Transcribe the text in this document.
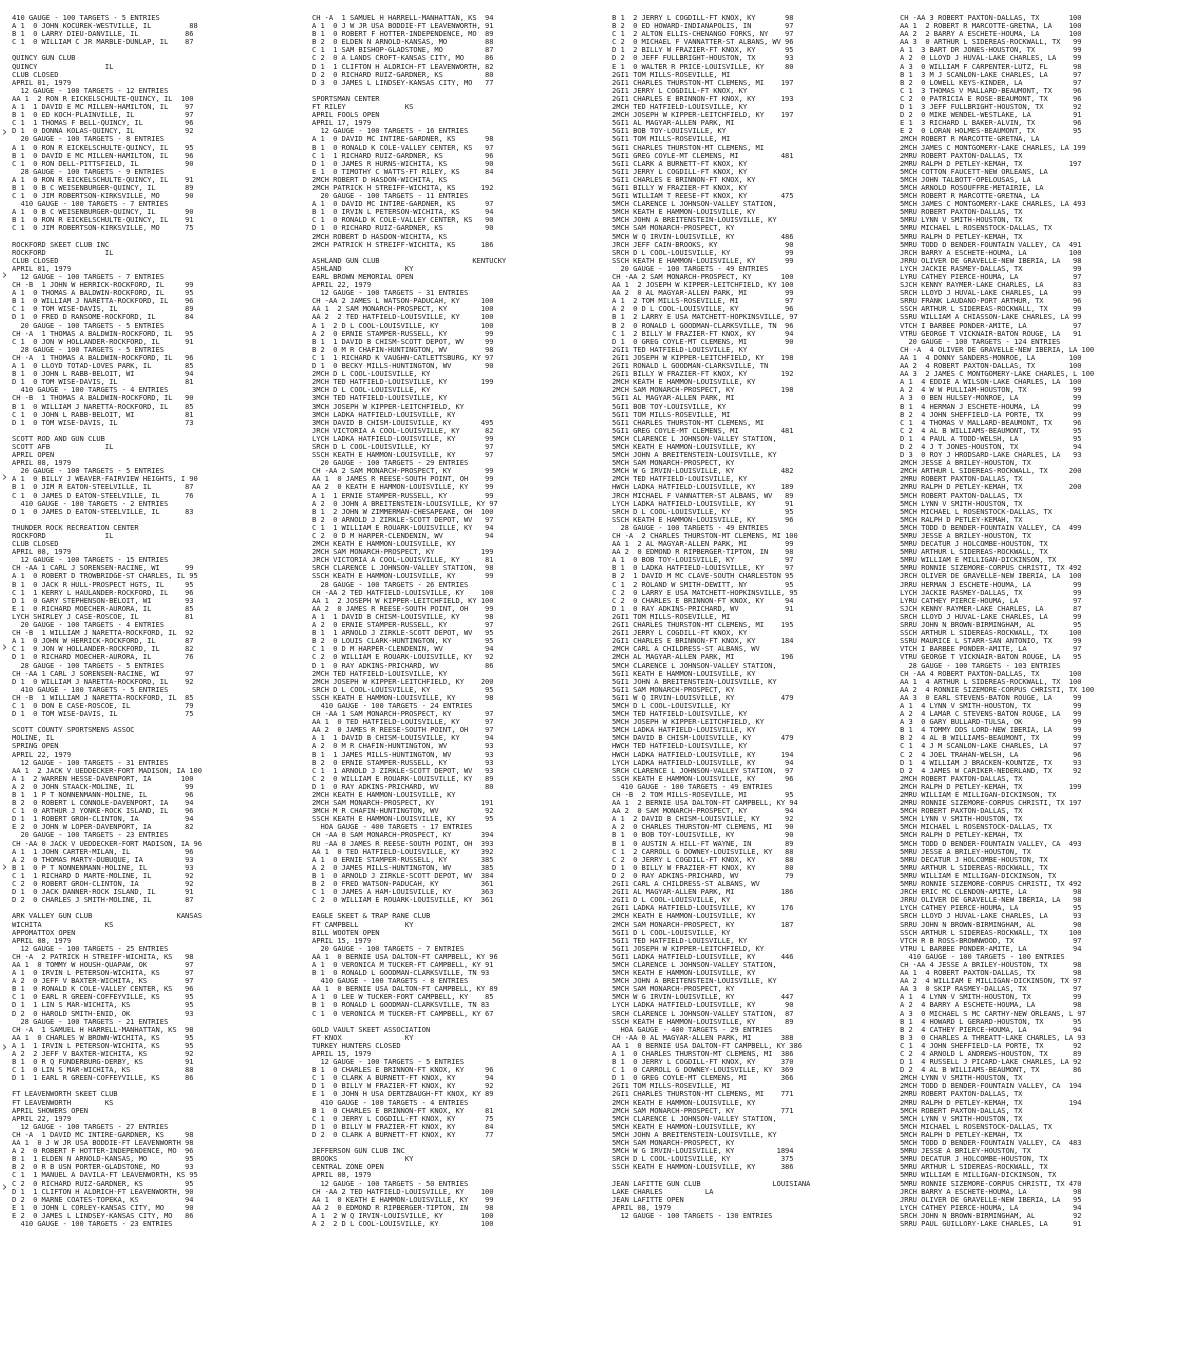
410 GAUGE - 100 TARGETS - 5 ENTRIES
A 1  0 JOHN KOCUREK-WESTVILLE, IL         88
B 1  0 LARRY DIEU-DANVILLE, IL           86
C 1  0 WILLIAM C JR MARBLE-DUNLAP, IL    87

QUINCY GUN CLUB
QUINCY                IL
CLUB CLOSED
APRIL 01, 1979
12 GAUGE - 100 TARGETS - 12 ENTRIES
AA 1  2 RON R EICKELSCHULTE-QUINCY, IL  100
A 1  1 DAVID E MC MILLEN-HAMILTON, IL    97
B 1  0 ED KOCH-PLAINVILLE, IL            97
C 1  1 THOMAS F BELL-QUINCY, IL          96
D 1  0 DONNA KOLAS-QUINCY, IL            92
20 GAUGE - 100 TARGETS - 8 ENTRIES
A 1  0 RON R EICKELSCHULTE-QUINCY, IL    95
B 1  0 DAVID E MC MILLEN-HAMILTON, IL    96
C 1  0 RON DELL-PITTSFIELD, IL           90
28 GAUGE - 100 TARGETS - 9 ENTRIES
A 1  0 RON R EICKELSCHULTE-QUINCY, IL    91
B 1  0 B C WEISENBURGER-QUINCY, IL       89
C 1  0 JIM ROBERTSON-KIRKSVILLE, MO      90
410 GAUGE - 100 TARGETS - 7 ENTRIES
A 1  0 B C WEISENBURGER-QUINCY, IL       90
B 1  0 RON R EICKELSCHULTE-QUINCY, IL    91
C 1  0 JIM ROBERTSON-KIRKSVILLE, MO      75

ROCKFORD SKEET CLUB INC
ROCKFORD              IL
CLUB CLOSED
APRIL 01, 1979
12 GAUGE - 100 TARGETS - 7 ENTRIES
CH -B  1 JOHN W HERRICK-ROCKFORD, IL     99
A 1  0 THOMAS A BALDWIN-ROCKFORD, IL     95
B 1  0 WILLIAM J NARETTA-ROCKFORD, IL    96
C 1  0 TOM WISE-DAVIS, IL                89
D 1  0 FRED D RANSOME-ROCKFORD, IL       84
20 GAUGE - 100 TARGETS - 5 ENTRIES
CH -A  1 THOMAS A BALDWIN-ROCKFORD, IL   95
C 1  0 JON W HOLLANDER-ROCKFORD, IL      91
28 GAUGE - 100 TARGETS - 5 ENTRIES
CH -A  1 THOMAS A BALDWIN-ROCKFORD, IL   96
A 1  0 LLOYD TOTAD-LOVES PARK, IL        85
B 1  0 JOHN L RABB-BELOIT, WI            94
D 1  0 TOM WISE-DAVIS, IL                81
410 GAUGE - 100 TARGETS - 4 ENTRIES
CH -B  1 THOMAS A BALDWIN-ROCKFORD, IL   90
B 1  0 WILLIAM J NARETTA-ROCKFORD, IL    85
C 1  0 JOHN L RABB-BELOIT, WI            81
D 1  0 TOM WISE-DAVIS, IL                73

SCOTT ROD AND GUN CLUB
SCOTT AFB             IL
APRIL OPEN
APRIL 08, 1979
20 GAUGE - 100 TARGETS - 5 ENTRIES
A 1  0 BILLY J WEAVER-FAIRVIEW HEIGHTS, I 90
B 1  0 JIM R EATON-STEELVILLE, IL        87
C 1  0 JAMES D EATON-STEELVILLE, IL      76
410 GAUGE - 100 TARGETS - 2 ENTRIES
D 1  0 JAMES D EATON-STEELVILLE, IL      83

THUNDER ROCK RECREATION CENTER
ROCKFORD              IL
CLUB CLOSED
APRIL 08, 1979
12 GAUGE - 100 TARGETS - 15 ENTRIES
CH -AA 1 CARL J SORENSEN-RACINE, WI      99
A 1  0 ROBERT D TROWBRIDGE-ST CHARLES, IL 95
B 1  0 JACK R HULL-PROSPECT HGTS, IL     95
C 1  1 KERRY L HAULANDER-ROCKFORD, IL    96
D 1  0 GARY STEPHENSON-BELOIT, WI        93
E 1  0 RICHARD MOECHER-AURORA, IL        85
LYCH SHIRLEY J CASE-ROSCOE, IL           81
20 GAUGE - 100 TARGETS - 4 ENTRIES
CH -B  1 WILLIAM J NARETTA-ROCKFORD, IL  92
A 1  0 JOHN W HERRICK-ROCKFORD, IL       87
C 1  0 JON W HOLLANDER-ROCKFORD, IL      82
D 1  0 RICHARD MOECHER-AURORA, IL        76
28 GAUGE - 100 TARGETS - 5 ENTRIES
CH -AA 1 CARL J SORENSEN-RACINE, WI      97
D 1  0 WILLIAM J NARETTA-ROCKFORD, IL    92
410 GAUGE - 100 TARGETS - 5 ENTRIES
CH -B  1 WILLIAM J NARETTA-ROCKFORD, IL  85
C 1  0 DON E CASE-ROSCOE, IL             79
D 1  0 TOM WISE-DAVIS, IL                75

SCOTT COUNTY SPORTSMENS ASSOC
MOLINE, IL
SPRING OPEN
APRIL 22, 1979
12 GAUGE - 100 TARGETS - 31 ENTRIES
AA 1  2 JACK V UEDDECKER-FORT MADISON, IA 100
A 1  2 WARREN HESSE-DAVENPORT, IA       100
A 2  0 JOHN STAACK-MOLINE, IL            99
B 1  1 P T NONNENMANN-MOLINE, IL         96
B 2  0 ROBERT L CONNOLE-DAVENPORT, IA    94
C 1  0 ARTHUR J YONKE-ROCK ISLAND, IL    96
D 1  1 ROBERT GROH-CLINTON, IA           94
E 2  0 JOHN W LOPER-DAVENPORT, IA        82
20 GAUGE - 100 TARGETS - 23 ENTRIES
CH -AA 0 JACK V UEDDECKER-FORT MADISON, IA 96
A 1  1 JOHN CARTER-MILAN, IL             96
A 2  0 THOMAS MARTY-DUBUQUE, IA          93
B 1  0 P T NONNENMANN-MOLINE, IL         93
C 1  1 RICHARD D MARTE-MOLINE, IL        92
C 2  0 ROBERT GROH-CLINTON, IA           92
D 1  0 JACK DANNER-ROCK ISLAND, IL       91
D 2  0 CHARLES J SMITH-MOLINE, IL        87

ARK VALLEY GUN CLUB                    KANSAS
WICHITA               KS
APPOMATTOX OPEN
APRIL 08, 1979
12 GAUGE - 100 TARGETS - 25 ENTRIES
CH -A  2 PATRICK H STREIFF-WICHITA, KS   98
AA 1  0 TOMMY W HOUSH-QUAPAW, OK         97
A 1  0 IRVIN L PETERSON-WICHITA, KS      97
A 2  0 JEFF V BAXTER-WICHITA, KS         97
B 1  0 RONALD K COLE-VALLEY CENTER, KS   96
C 1  0 EARL R GREEN-COFFEYVILLE, KS      95
D 1  1 LIN S MAR-WICHITA, KS             95
D 2  0 HAROLD SMITH-ENID, OK             93
28 GAUGE - 100 TARGETS - 21 ENTRIES
CH -A  1 SAMUEL H HARRELL-MANHATTAN, KS  98
AA 1  0 CHARLES W BROWN-WICHITA, KS      95
A 1  1 IRVIN L PETERSON-WICHITA, KS      95
A 2  2 JEFF V BAXTER-WICHITA, KS         92
B 1  0 R Q FUNDERBURG-DERBY, KS          91
C 1  0 LIN S MAR-WICHITA, KS             88
D 1  1 EARL R GREEN-COFFEYVILLE, KS      86

FT LEAVENWORTH SKEET CLUB
FT LEAVENWORTH        KS
APRIL SHOWERS OPEN
APRIL 22, 1979
12 GAUGE - 100 TARGETS - 27 ENTRIES
CH -A  1 DAVID MC INTIRE-GARDNER, KS     98
AA 1  0 J W JR USA BODDIE-FT LEAVENWORTH 98
A 2  0 ROBERT F HOTTER-INDEPENDENCE, MO  96
B 1  1 ELDEN N ARNOLD-KANSAS, MO         95
B 2  0 R B USN PORTER-GLADSTONE, MO      93
C 1  1 MANUEL A DAVILA-FT LEAVENWORTH, KS 95
C 2  0 RICHARD RUIZ-GARDNER, KS          95
D 1  1 CLIFTON H ALDRICH-FT LEAVENWORTH, 90
D 2  0 MARNE COATES-TOPEKA, KS           94
E 1  0 JOHN L CORLEY-KANSAS CITY, MO     90
E 2  0 JAMES L LINDSEY-KANSAS CITY, MO   86
410 GAUGE - 100 TARGETS - 23 ENTRIES
CH -A  1 SAMUEL H HARRELL-MANHATTAN, KS  94
A 1  0 J W JR USA BODDIE-FT LEAVENWORTH, 91
B 1  0 ROBERT F HOTTER-INDEPENDENCE, MO  89
B 2  0 ELDEN N ARNOLD-KANSAS, MO         88
C 1  1 SAM BISHOP-GLADSTONE, MO          87
C 2  0 A LANDS CROFT-KANSAS CITY, MO     86
D 1  1 CLIFTON H ALDRICH-FT LEAVENWORTH, 82
D 2  0 RICHARD RUIZ-GARDNER, KS          80
D 3  0 JAMES L LINDSEY-KANSAS CITY, MO   77

SPORTSMAN CENTER
FT RILEY              KS
APRIL FOOLS OPEN
APRIL 17, 1979
12 GAUGE - 100 TARGETS - 16 ENTRIES
A 1  0 DAVID MC INTIRE-GARDNER, KS       98
B 1  0 RONALD K COLE-VALLEY CENTER, KS   97
C 1  1 RICHARD RUIZ-GARDNER, KS          96
D 1  0 JAMES R HURNS-WICHITA, KS         90
E 1  0 TIMOTHY C WATTS-FT RILEY, KS      84
2MCH ROBERT D HASDON-WICHITA, KS
2MCH PATRICK H STREIFF-WICHITA, KS      192
20 GAUGE - 100 TARGETS - 11 ENTRIES
A 1  0 DAVID MC INTIRE-GARDNER, KS       97
B 1  0 IRVIN L PETERSON-WICHITA, KS      94
C 1  0 RONALD K COLE-VALLEY CENTER, KS   90
D 1  0 RICHARD RUIZ-GARDNER, KS          90
2MCH ROBERT D HASDON-WICHITA, KS
2MCH PATRICK H STREIFF-WICHITA, KS      186

ASHLAND GUN CLUB                      KENTUCKY
ASHLAND               KY
EARL BROWN MEMORIAL OPEN
APRIL 22, 1979
12 GAUGE - 100 TARGETS - 31 ENTRIES
CH -AA 2 JAMES L WATSON-PADUCAH, KY     100
AA 1  2 SAM MONARCH-PROSPECT, KY        100
AA 2  2 TED HATFIELD-LOUISVILLE, KY     100
A 1  2 D L COOL-LOUISVILLE, KY          100
A 2  0 ERNIE STAMPER-RUSSELL, KY         99
B 1  1 DAVID B CHISM-SCOTT DEPOT, WV     99
B 2  0 M R CHAFIN-HUNTINGTON, WV         98
C 1  1 RICHARD K VAUGHN-CATLETTSBURG, KY 97
D 1  0 BECKY MILLS-HUNTINGTON, WV        90
2MCH D L COOL-LOUISVILLE, KY
2MCH TED HATFIELD-LOUISVILLE, KY        199
3MCH D L COOL-LOUISVILLE, KY
3MCH TED HATFIELD-LOUISVILLE, KY
3MCH JOSEPH W KIPPER-LEITCHFIELD, KY
3MCH LADKA HATFIELD-LOUISVILLE, KY
3MCH DAVID B CHISM-LOUISVILLE, KY       495
JRCH VICTORIA A COOL-LOUISVILLE, KY      82
LYCH LADKA HATFIELD-LOUISVILLE, KY       99
SRCH D L COOL-LOUISVILLE, KY             97
SSCH KEATH E HAMMON-LOUISVILLE, KY       97
20 GAUGE - 100 TARGETS - 29 ENTRIES
CH -AA 2 SAM MONARCH-PROSPECT, KY        99
AA 1  0 JAMES R REESE-SOUTH POINT, OH    99
AA 2  0 KEATH E HAMMON-LOUISVILLE, KY    99
A 1  1 ERNIE STAMPER-RUSSELL, KY         99
A 2  0 JOHN A BREITENSTEIN-LOUISVILLE, KY 97
B 1  2 JOHN W ZIMMERMAN-CHESAPEAKE, OH  100
B 2  0 ARNOLD J ZIRKLE-SCOTT DEPOT, WV   97
C 1  1 WILLIAM E ROUARK-LOUISVILLE, KY   94
C 2  0 D M HARPER-CLENDENIN, WV          94
2MCH KEATH E HAMMON-LOUISVILLE, KY
2MCH SAM MONARCH-PROSPECT, KY           199
JRCH VICTORIA A COOL-LOUISVILLE, KY      81
SRCH CLARENCE L JOHNSON-VALLEY STATION,  98
SSCH KEATH E HAMMON-LOUISVILLE, KY       99
28 GAUGE - 100 TARGETS - 26 ENTRIES
CH -AA 2 TED HATFIELD-LOUISVILLE, KY    100
AA 1  2 JOSEPH W KIPPER-LEITCHFIELD, KY 100
AA 2  0 JAMES R REESE-SOUTH POINT, OH    99
A 1  1 DAVID B CHISM-LOUISVILLE, KY      98
A 2  0 ERNIE STAMPER-RUSSELL, KY         97
B 1  1 ARNOLD J ZIRKLE-SCOTT DEPOT, WV   95
B 2  0 LOUIS CLARK-HUNTINGTON, KY        95
C 1  0 D M HARPER-CLENDENIN, WV          94
C 2  0 WILLIAM E ROUARK-LOUISVILLE, KY   92
D 1  0 RAY ADKINS-PRICHARD, WV           86
2MCH TED HATFIELD-LOUISVILLE, KY
2MCH JOSEPH W KIPPER-LEITCHFIELD, KY    200
SRCH D L COOL-LOUISVILLE, KY             95
SSCH KEATH E HAMMON-LOUISVILLE, KY       98
410 GAUGE - 100 TARGETS - 24 ENTRIES
CH -AA 1 SAM MONARCH-PROSPECT, KY        97
AA 1  0 TED HATFIELD-LOUISVILLE, KY      97
AA 2  0 JAMES R REESE-SOUTH POINT, OH    97
A 1  1 DAVID B CHISM-LOUISVILLE, KY      94
A 2  0 M R CHAFIN-HUNTINGTON, WV         93
B 1  1 JAMES MILLS-HUNTINGTON, WV        93
B 2  0 ERNIE STAMPER-RUSSELL, KY         93
C 1  1 ARNOLD J ZIRKLE-SCOTT DEPOT, WV   93
C 2  0 WILLIAM E ROUARK-LOUISVILLE, KY   89
D 1  0 RAY ADKINS-PRICHARD, WV           80
2MCH KEATH E HAMMON-LOUISVILLE, KY
2MCH SAM MONARCH-PROSPECT, KY           191
3MCH M R CHAFIN-HUNTINGTON, WV           92
SSCH KEATH E HAMMON-LOUISVILLE, KY       95
HOA GAUGE - 400 TARGETS - 17 ENTRIES
CH -AA 0 SAM MONARCH-PROSPECT, KY       394
RU -AA 0 JAMES R REESE-SOUTH POINT, OH  393
AA 1  0 TED HATFIELD-LOUISVILLE, KY     392
A 1  0 ERNIE STAMPER-RUSSELL, KY        385
A 2  0 JAMES MILLS-HUNTINGTON, WV       385
B 1  0 ARNOLD J ZIRKLE-SCOTT DEPOT, WV  384
B 2  0 FRED WATSON-PADUCAH, KY          361
C 1  0 JAMES A HAM-LOUISVILLE, KY       363
C 2  0 WILLIAM E ROUARK-LOUISVILLE, KY  361

EAGLE SKEET & TRAP RANE CLUB
FT CAMPBELL           KY
BILL WOOTEN OPEN
APRIL 15, 1979
20 GAUGE - 100 TARGETS - 7 ENTRIES
AA 1  0 BERNIE USA DALTON-FT CAMPBELL, KY 96
A 1  0 VERONICA M TUCKER-FT CAMPBELL, KY 91
B 1  0 RONALD L GOODMAN-CLARKSVILLE, TN 93
410 GAUGE - 100 TARGETS - 8 ENTRIES
AA 1  0 BERNIE USA DALTON-FT CAMPBELL, KY 89
A 1  0 LEE W TUCKER-FORT CAMPBELL, KY    85
B 1  0 RONALD L GOODMAN-CLARKSVILLE, TN 83
C 1  0 VERONICA M TUCKER-FT CAMPBELL, KY 67

GOLD VAULT SKEET ASSOCIATION
FT KNOX               KY
TURKEY HUNTERS CLOSED
APRIL 15, 1979
12 GAUGE - 100 TARGETS - 5 ENTRIES
B 1  0 CHARLES E BRINNON-FT KNOX, KY     96
C 1  0 CLARK A BURNETT-FT KNOX, KY       94
D 1  0 BILLY W FRAZIER-FT KNOX, KY       92
E 1  0 JOHN H USA DERTZBAUGH-FT KNOX, KY 89
410 GAUGE - 100 TARGETS - 4 ENTRIES
B 1  0 CHARLES E BRINNON-FT KNOX, KY     81
C 1  0 JERRY L COGDILL-FT KNOX, KY       75
D 1  0 BILLY W FRAZIER-FT KNOX, KY       84
D 2  0 CLARK A BURNETT-FT KNOX, KY       77

JEFFERSON GUN CLUB INC
BROOKS                KY
CENTRAL ZONE OPEN
APRIL 08, 1979
12 GAUGE - 100 TARGETS - 50 ENTRIES
CH -AA 2 TED HATFIELD-LOUISVILLE, KY    100
AA 1  0 KEATH E HAMMON-LOUISVILLE, KY    99
AA 2  0 EDMOND R RIPBERGER-TIPTON, IN    98
A 1  2 W Q IRVIN-LOUISVILLE, KY         100
A 2  2 D L COOL-LOUISVILLE, KY          100
B 1  2 JERRY L COGDILL-FT KNOX, KY       98
B 2  0 ED HOWARD-INDIANAPOLIS, IN        97
C 1  2 ALTON ELLIS-CHENANGO FORKS, NY    97
C 2  0 MICHAEL F VANNATTER-ST ALBANS, WV 96
D 1  2 BILLY W FRAZIER-FT KNOX, KY       95
D 2  0 JEFF FULLBRIGHT-HOUSTON, TX       93
E 1  0 WALTER R PRICE-LOUISVILLE, KY     80
2GI1 TOM MILLS-ROSEVILLE, MI
2GI1 CHARLES THURSTON-MT CLEMENS, MI    197
2GI1 JERRY L COGDILL-FT KNOX, KY
2GI1 CHARLES E BRINNON-FT KNOX, KY      193
2MCH TED HATFIELD-LOUISVILLE, KY
2MCH JOSEPH W KIPPER-LEITCHFIELD, KY    197
5GI1 AL MAGYAR-ALLEN PARK, MI
5GI1 BOB TOY-LOUISVILLE, KY
5GI1 TOM MILLS-ROSEVILLE, MI
5GI1 CHARLES THURSTON-MT CLEMENS, MI
5GI1 GREG COYLE-MT CLEMENS, MI          481
5GI1 CLARK A BURNETT-FT KNOX, KY
5GI1 JERRY L COGDILL-FT KNOX, KY
5GI1 CHARLES E BRINNON-FT KNOX, KY
5GI1 BILLY W FRAZIER-FT KNOX, KY
5GI1 WILLIAM T REESE-FT KNOX, KY        475
5MCH CLARENCE L JOHNSON-VALLEY STATION,
5MCH KEATH E HAMMON-LOUISVILLE, KY
5MCH JOHN A BREITENSTEIN-LOUISVILLE, KY
5MCH SAM MONARCH-PROSPECT, KY
5MCH W Q IRVIN-LOUISVILLE, KY           486
JRCH JEFF CAIN-BROOKS, KY                90
SRCH D L COOL-LOUISVILLE, KY             99
SSCH KEATH E HAMMON-LOUISVILLE, KY       99
20 GAUGE - 100 TARGETS - 49 ENTRIES
CH -AA 2 SAM MONARCH-PROSPECT, KY       100
AA 1  2 JOSEPH W KIPPER-LEITCHFIELD, KY 100
AA 2  0 AL MAGYAR-ALLEN PARK, MI         99
A 1  2 TOM MILLS-ROSEVILLE, MI           97
A 2  0 D L COOL-LOUISVILLE, KY           96
B 1  2 LARRY E USA MATCHETT-HOPKINSVILLE, 97
B 2  0 RONALD L GOODMAN-CLARKSVILLE, TN  96
C 1  2 BILLY W FRAZIER-FT KNOX, KY       94
D 1  0 GREG COYLE-MT CLEMENS, MI         90
2GI1 TED HATFIELD-LOUISVILLE, KY
2GI1 JOSEPH W KIPPER-LEITCHFIELD, KY    198
2GI1 RONALD L GOODMAN-CLARKSVILLE, TN
2GI1 BILLY W FRAZIER-FT KNOX, KY        192
2MCH KEATH E HAMMON-LOUISVILLE, KY
2MCH SAM MONARCH-PROSPECT, KY           198
5GI1 AL MAGYAR-ALLEN PARK, MI
5GI1 BOB TOY-LOUISVILLE, KY
5GI1 TOM MILLS-ROSEVILLE, MI
5GI1 CHARLES THURSTON-MT CLEMENS, MI
5GI1 GREG COYLE-MT CLEMENS, MI          481
5MCH CLARENCE L JOHNSON-VALLEY STATION,
5MCH KEATH E HAMMON-LOUISVILLE, KY
5MCH JOHN A BREITENSTEIN-LOUISVILLE, KY
5MCH SAM MONARCH-PROSPECT, KY
5MCH W G IRVIN-LOUISVILLE, KY           482
2MCH TED HATFIELD-LOUISVILLE, KY
HWCH LADKA HATFIELD-LOUISVILLE, KY      189
JRCH MICHAEL F VANNATTER-ST ALBANS, WV   89
LYCH LADKA HATFIELD-LOUISVILLE, KY       91
SRCH D L COOL-LOUISVILLE, KY             95
SSCH KEATH E HAMMON-LOUISVILLE, KY       96
28 GAUGE - 100 TARGETS - 49 ENTRIES
CH -A  2 CHARLES THURSTON-MT CLEMENS, MI 100
AA 1  2 AL MAGYAR-ALLEN PARK, MI         99
AA 2  0 EDMOND R RIPBERGER-TIPTON, IN    98
A 1  0 BOB TOY-LOUISVILLE, KY            97
B 1  0 LADKA HATFIELD-LOUISVILLE, KY     97
B 2  1 DAVID M MC CLAVE-SOUTH CHARLESTON 95
C 1  2 ROLAND W SMITH-DEWITT, NY         95
C 2  0 LARRY E USA MATCHETT-HOPKINSVILLE, 95
C 2  0 CHARLES E BRINNON-FT KNOX, KY     94
D 1  0 RAY ADKINS-PRICHARD, WV           91
2GI1 TOM MILLS-ROSEVILLE, MI
2GI1 CHARLES THURSTON-MT CLEMENS, MI    195
2GI1 JERRY L COGDILL-FT KNOX, KY
2GI1 CHARLES E BRINNON-FT KNOX, KY      184
2MCH CARL A CHILDRESS-ST ALBANS, WV
2MCH AL MAGYAR-ALLEN PARK, MI           196
5MCH CLARENCE L JOHNSON-VALLEY STATION,
5GI1 KEATH E HAMMON-LOUISVILLE, KY
5GI1 JOHN A BREITENSTEIN-LOUISVILLE, KY
5GI1 SAM MONARCH-PROSPECT, KY
5GI1 W Q IRVIN-LOUISVILLE, KY           479
5MCH D L COOL-LOUISVILLE, KY
5MCH TED HATFIELD-LOUISVILLE, KY
5MCH JOSEPH W KIPPER-LEITCHFIELD, KY
5MCH LADKA HATFIELD-LOUISVILLE, KY
5MCH DAVID B CHISM-LOUISVILLE, KY       479
HWCH TED HATFIELD-LOUISVILLE, KY
HWCH LADKA HATFIELD-LOUISVILLE, KY      194
LYCH LADKA HATFIELD-LOUISVILLE, KY       94
SRCH CLARENCE L JOHNSON-VALLEY STATION,  97
SSCH KEATH E HAMMON-LOUISVILLE, KY       96
410 GAUGE - 100 TARGETS - 49 ENTRIES
CH -B  2 TOM MILLS-ROSEVILLE, MI         95
AA 1  2 BERNIE USA DALTON-FT CAMPBELL, KY 94
AA 2  0 SAM MONARCH-PROSPECT, KY         94
A 1  2 DAVID B CHISM-LOUISVILLE, KY      92
A 2  0 CHARLES THURSTON-MT CLEMENS, MI   90
B 1  0 BOB TOY-LOUISVILLE, KY            90
B 1  0 AUSTIN A HILL-FT WAYNE, IN        89
C 1  2 CARROLL G DOWNEY-LOUISVILLE, KY   88
C 2  0 JERRY L COGDILL-FT KNOX, KY       88
D 1  0 BILLY W FRAZIER-FT KNOX, KY       80
D 2  0 RAY ADKINS-PRICHARD, WV           79
2GI1 CARL A CHILDRESS-ST ALBANS, WV
2GI1 AL MAGYAR-ALLEN PARK, MI           186
2GI1 D L COOL-LOUISVILLE, KY
2GI1 LADKA HATFIELD-LOUISVILLE, KY      176
2MCH KEATH E HAMMON-LOUISVILLE, KY
2MCH SAM MONARCH-PROSPECT, KY           187
5GI1 D L COOL-LOUISVILLE, KY
5GI1 TED HATFIELD-LOUISVILLE, KY
5GI1 JOSEPH W KIPPER-LEITCHFIELD, KY
5GI1 LADKA HATFIELD-LOUISVILLE, KY      446
5MCH CLARENCE L JOHNSON-VALLEY STATION,
5MCH KEATH E HAMMON-LOUISVILLE, KY
5MCH JOHN A BREITENSTEIN-LOUISVILLE, KY
5MCH SAM MONARCH-PROSPECT, KY
5MCH W G IRVIN-LOUISVILLE, KY           447
LYCH LADKA HATFIELD-LOUISVILLE, KY       90
SRCH CLARENCE L JOHNSON-VALLEY STATION,  87
SSCH KEATH E HAMMON-LOUISVILLE, KY       89
HOA GAUGE - 400 TARGETS - 29 ENTRIES
CH -AA 0 AL MAGYAR-ALLEN PARK, MI       388
AA 1  0 BERNIE USA DALTON-FT CAMPBELL, KY 386
A 1  0 CHARLES THURSTON-MT CLEMENS, MI  386
B 1  0 JERRY L COGDILL-FT KNOX, KY      370
C 1  0 CARROLL G DOWNEY-LOUISVILLE, KY  369
D 1  0 GREG COYLE-MT CLEMENS, MI        366
2GI1 TOM MILLS-ROSEVILLE, MI
2GI1 CHARLES THURSTON-MT CLEMENS, MI    771
2MCH KEATH E HAMMON-LOUISVILLE, KY
2MCH SAM MONARCH-PROSPECT, KY           771
5MCH CLARENCE L JOHNSON-VALLEY STATION,
5MCH KEATH E HAMMON-LOUISVILLE, KY
5MCH JOHN A BREITENSTEIN-LOUISVILLE, KY
5MCH SAM MONARCH-PROSPECT, KY
5MCH W G IRVIN-LOUISVILLE, KY          1894
SRCH D L COOL-LOUISVILLE, KY            375
SSCH KEATH E HAMMON-LOUISVILLE, KY      386

JEAN LAFITTE GUN CLUB                 LOUISIANA
LAKE CHARLES          LA
JEAN LAFITTE OPEN
APRIL 08, 1979
12 GAUGE - 100 TARGETS - 130 ENTRIES
CH -AA 3 ROBERT PAXTON-DALLAS, TX       100
AA 1  2 ROBERT R MARCOTTE-GRETNA, LA    100
AA 2  2 BARRY A ESCHETE-HOUMA, LA       100
AA 3  0 ARTHUR L SIDEREAS-ROCKWALL, TX   99
A 1  3 BART DR JONES-HOUSTON, TX         99
A 2  0 LLOYD J HUVAL-LAKE CHARLES, LA    99
A 3  0 WILLIAM F CARPENTER-LUTZ, FL      98
B 1  3 M J SCANLON-LAKE CHARLES, LA      97
B 2  0 LOWELL KEYS-KINDER, LA            97
C 1  3 THOMAS V MALLARD-BEAUMONT, TX     96
C 2  0 PATRICIA E ROSE-BEAUMONT, TX      96
D 1  3 JEFF FULLBRIGHT-HOUSTON, TX       92
D 2  0 MIKE WENDEL-WESTLAKE, LA          91
E 1  3 RICHARD L BAKER-ALVIN, TX         96
E 2  0 LORAN HOLMES-BEAUMONT, TX         95
2MCH ROBERT R MARCOTTE-GRETNA, LA
2MCH JAMES C MONTGOMERY-LAKE CHARLES, LA 199
2MRU ROBERT PAXTON-DALLAS, TX
2MRU RALPH D PETLEY-KEMAH, TX           197
5MCH COTTON FAUCETT-NEW ORLEANS, LA
5MCH JOHN TALBOTT-OPELOUSAS, LA
5MCH ARNOLD ROSOUFFRE-METAIRIE, LA
5MCH ROBERT R MARCOTTE-GRETNA, LA
5MCH JAMES C MONTGOMERY-LAKE CHARLES, LA 493
5MRU ROBERT PAXTON-DALLAS, TX
5MRU LYNN V SMITH-HOUSTON, TX
5MRU MICHAEL L ROSENSTOCK-DALLAS, TX
5MRU RALPH D PETLEY-KEMAH, TX
5MRU TODD D BENDER-FOUNTAIN VALLEY, CA  491
JRCH BARRY A ESCHETE-HOUMA, LA          100
JRRU OLIVER DE GRAVELLE-NEW IBERIA, LA   98
LYCH JACKIE RASMEY-DALLAS, TX            99
LYRU CATHEY PIERCE-HOUMA, LA             97
SJCH KENNY RAYMER-LAKE CHARLES, LA       83
SRCH LLOYD J HUVAL-LAKE CHARLES, LA      99
SRRU FRANK LAUDANO-PORT ARTHUR, TX       96
SSCH ARTHUR L SIDEREAS-ROCKWALL, TX      99
SSRU WILLIAM A CHIASSON-LAKE CHARLES, LA 99
VTCH I BARBEE PONDER-AMITE, LA           97
VTRU GEORGE T VICKNAIR-BATON ROUGE, LA   91
20 GAUGE - 100 TARGETS - 124 ENTRIES
CH -A  4 OLIVER DE GRAVELLE-NEW IBERIA, LA 100
AA 1  4 DONNY SANDERS-MONROE, LA        100
AA 2  4 ROBERT PAXTON-DALLAS, TX        100
AA 3  2 JAMES C MONTGOMERY-LAKE CHARLES, L 100
A 1  4 EDDIE A WILSON-LAKE CHARLES, LA  100
A 2  4 W W PULLIAM-HOUSTON, TX           99
A 3  0 BEN HULSEY-MONROE, LA             99
B 1  4 HERMAN J ESCHETE-HOUMA, LA        99
B 2  4 JOHN SHEFFIELD-LA PORTE, TX       99
C 1  4 THOMAS V MALLARD-BEAUMONT, TX     96
C 2  4 AL B WILLIAMS-BEAUMONT, TX        95
D 1  4 PAUL A TODD-WELSH, LA             95
D 2  4 J T JONES-HOUSTON, TX             94
D 3  0 ROY J HRODSARD-LAKE CHARLES, LA   93
2MCH JESSE A BRILEY-HOUSTON, TX
2MCH ARTHUR L SIDEREAS-ROCKWALL, TX     200
2MRU ROBERT PAXTON-DALLAS, TX
2MRU RALPH D PETLEY-KEMAH, TX           200
5MCH ROBERT PAXTON-DALLAS, TX
5MCH LYNN V SMITH-HOUSTON, TX
5MCH MICHAEL L ROSENSTOCK-DALLAS, TX
5MCH RALPH D PETLEY-KEMAH, TX
5MCH TODD D BENDER-FOUNTAIN VALLEY, CA  499
5MRU JESSE A BRILEY-HOUSTON, TX
5MRU DECATUR J HOLCOMBE-HOUSTON, TX
5MRU ARTHUR L SIDEREAS-ROCKWALL, TX
5MRU WILLIAM E MILLIGAN-DICKINSON, TX
5MRU RONNIE SIZEMORE-CORPUS CHRISTI, TX 492
JRCH OLIVER DE GRAVELLE-NEW IBERIA, LA  100
JRRU HERMAN J ESCHETE-HOUMA, LA          99
LYCH JACKIE RASMEY-DALLAS, TX            99
LYRU CATHEY PIERCE-HOUMA, LA             97
SJCH KENNY RAYMER-LAKE CHARLES, LA       87
SRCH LLOYD J HUVAL-LAKE CHARLES, LA      99
SRRU JOHN N BROWN-BIRMINGHAM, AL         95
SSCH ARTHUR L SIDEREAS-ROCKWALL, TX     100
SSRU MAURICE L STARR-SAN ANTONIO, TX     99
VTCH I BARBEE PONDER-AMITE, LA           97
VTRU GEORGE T VICKNAIR-BATON ROUGE, LA   95
28 GAUGE - 100 TARGETS - 103 ENTRIES
CH -AA 4 ROBERT PAXTON-DALLAS, TX       100
AA 1  4 ARTHUR L SIDEREAS-ROCKWALL, TX  100
AA 2  4 RONNIE SIZEMORE-CORPUS CHRISTI, TX 100
AA 3  0 EARL STEVENS-BATON ROUGE, LA     99
A 1  4 LYNN V SMITH-HOUSTON, TX          99
A 2  4 LAMAR C STEVENS-BATON ROUGE, LA   99
A 3  0 GARY BULLARD-TULSA, OK            99
B 1  4 TOMMY DDS LORD-NEW IBERIA, LA     99
B 2  4 AL B WILLIAMS-BEAUMONT, TX        99
C 1  4 J M SCANLON-LAKE CHARLES, LA      97
C 2  4 JOEL TRAHAN-WELSH, LA             96
D 1  4 WILLIAM J BRACKEN-KOUNTZE, TX     93
D 2  4 JAMES W CARIKER-NEDERLAND, TX     92
2MCH ROBERT PAXTON-DALLAS, TX
2MCH RALPH D PETLEY-KEMAH, TX           199
2MRU WILLIAM E MILLIGAN-DICKINSON, TX
2MRU RONNIE SIZEMORE-CORPUS CHRISTI, TX 197
5MCH ROBERT PAXTON-DALLAS, TX
5MCH LYNN V SMITH-HOUSTON, TX
5MCH MICHAEL L ROSENSTOCK-DALLAS, TX
5MCH RALPH D PETLEY-KEMAH, TX
5MCH TODD D BENDER-FOUNTAIN VALLEY, CA  493
5MRU JESSE A BRILEY-HOUSTON, TX
5MRU DECATUR J HOLCOMBE-HOUSTON, TX
5MRU ARTHUR L SIDEREAS-ROCKWALL, TX
5MRU WILLIAM E MILLIGAN-DICKINSON, TX
5MRU RONNIE SIZEMORE-CORPUS CHRISTI, TX 492
JRCH ERIC MC CLENDON-AMITE, LA           98
JRRU OLIVER DE GRAVELLE-NEW IBERIA, LA   98
LYCH CATHEY PIERCE-HOUMA, LA             95
SRCH LLOYD J HUVAL-LAKE CHARLES, LA      93
SRRU JOHN N BROWN-BIRMINGHAM, AL         90
SSCH ARTHUR L SIDEREAS-ROCKWALL, TX     100
VTCH R B ROSS-BROWNWOOD, TX              97
VTRU L BARBEE PONDER-AMITE, LA           94
410 GAUGE - 100 TARGETS - 100 ENTRIES
CH -AA 4 JESSE A BRILEY-HOUSTON, TX      98
AA 1  4 ROBERT PAXTON-DALLAS, TX         98
AA 2  4 WILLIAM E MILLIGAN-DICKINSON, TX 97
AA 3  0 SKIP RASMEY-DALLAS, TX           97
A 1  4 LYNN V SMITH-HOUSTON, TX          99
A 2  4 BARRY A ESCHETE-HOUMA, LA         98
A 3  0 MICHAEL S MC CARTHY-NEW ORLEANS, L 97
B 1  4 HOWARD L GERARD-HOUSTON, TX       95
B 2  4 CATHEY PIERCE-HOUMA, LA           94
B 3  0 CHARLES A THREATT-LAKE CHARLES, LA 93
C 1  4 JOHN SHEFFIELD-LA PORTE, TX       92
C 2  4 ARNOLD L ANDREWS-HOUSTON, TX      89
D 1  4 RUSSELL J PICARD-LAKE CHARLES, LA 92
D 2  4 AL B WILLIAMS-BEAUMONT, TX        86
2MCH LYNN V SMITH-HOUSTON, TX
2MCH TODD D BENDER-FOUNTAIN VALLEY, CA  194
2MRU ROBERT PAXTON-DALLAS, TX
2MRU RALPH D PETLEY-KEMAH, TX           194
5MCH ROBERT PAXTON-DALLAS, TX
5MCH LYNN V SMITH-HOUSTON, TX
5MCH MICHAEL L ROSENSTOCK-DALLAS, TX
5MCH RALPH D PETLEY-KEMAH, TX
5MCH TODD D BENDER-FOUNTAIN VALLEY, CA  483
5MRU JESSE A BRILEY-HOUSTON, TX
5MRU DECATUR J HOLCOMBE-HOUSTON, TX
5MRU ARTHUR L SIDEREAS-ROCKWALL, TX
5MRU WILLIAM E MILLIGAN-DICKINSON, TX
5MRU RONNIE SIZEMORE-CORPUS CHRISTI, TX 470
JRCH BARRY A ESCHETE-HOUMA, LA           98
JRRU OLIVER DE GRAVELLE-NEW IBERIA, LA   95
LYCH CATHEY PIERCE-HOUMA, LA             94
SRCH JOHN N BROWN-BIRMINGHAM, AL         92
SRRU PAUL GUILLORY-LAKE CHARLES, LA      91
›
›
›
›
›
›
›
